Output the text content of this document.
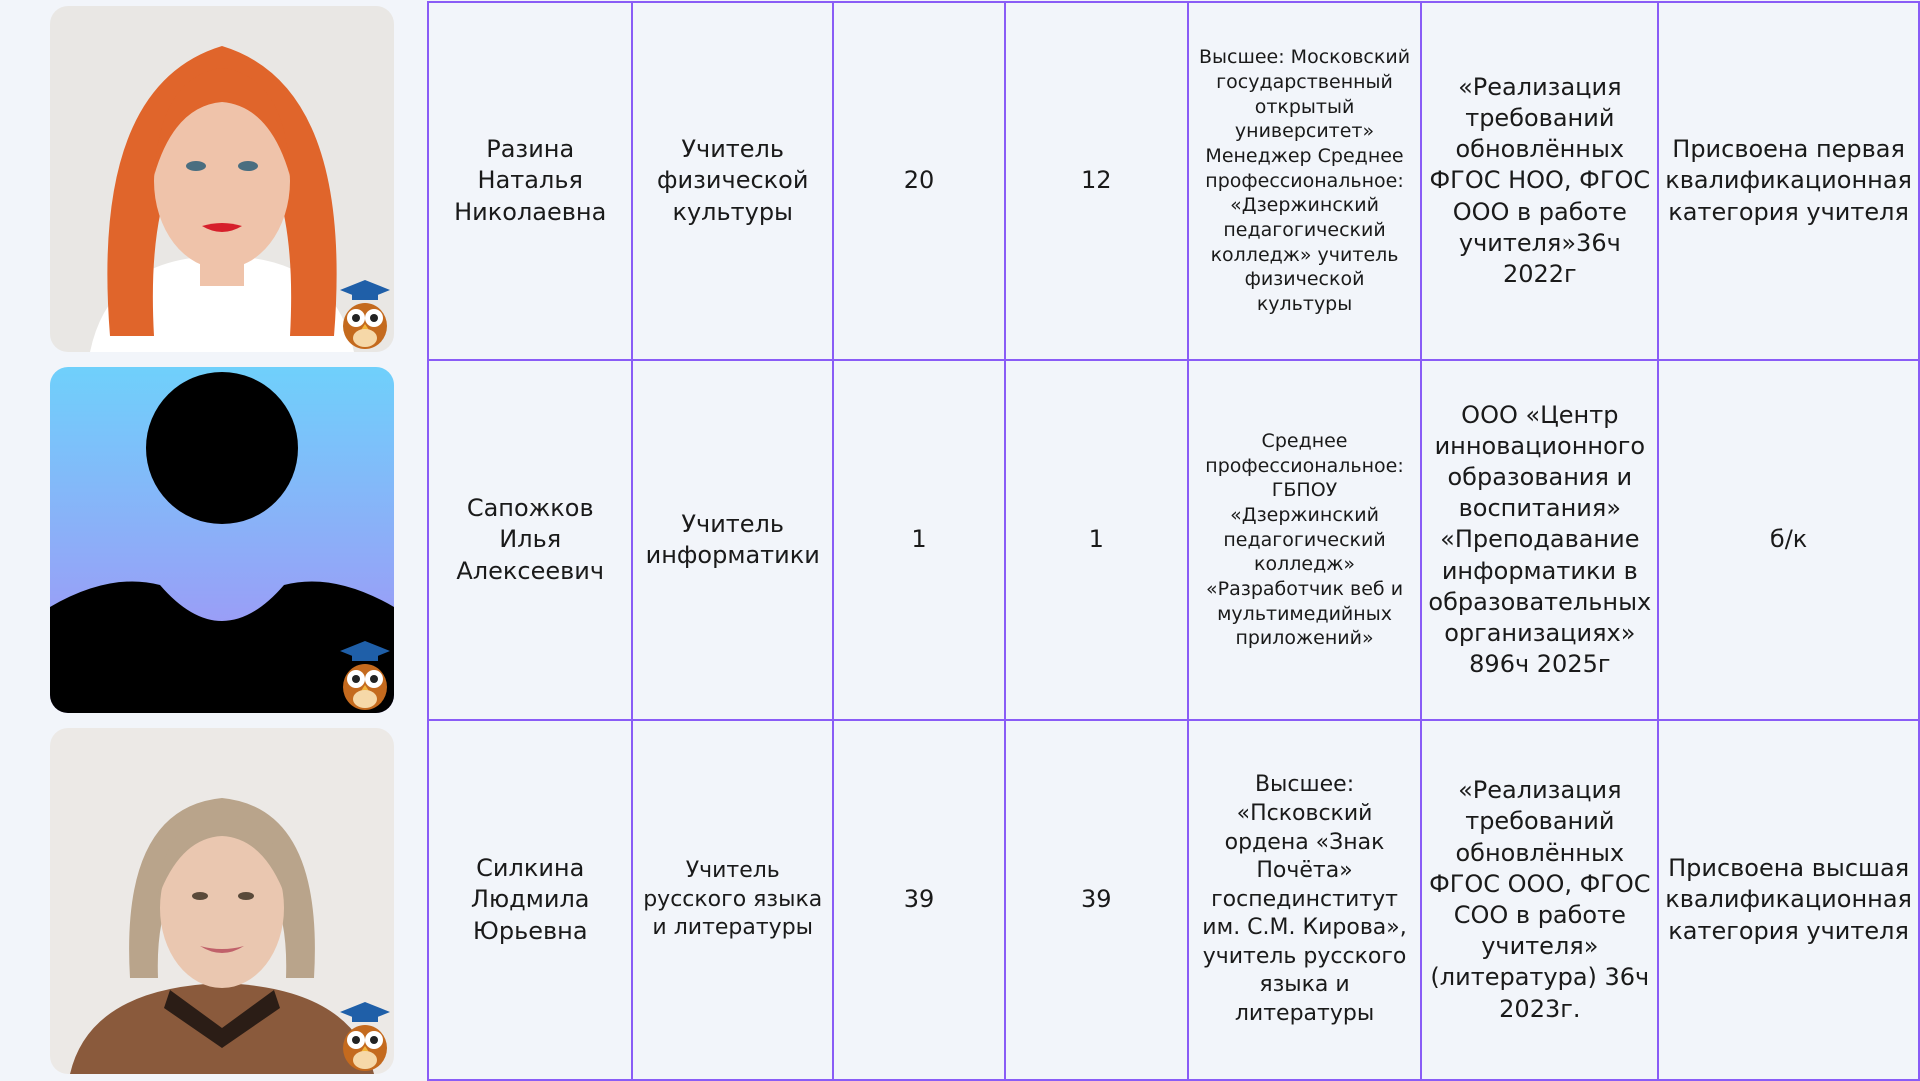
Разина Наталья Николаевна	Учитель физической культуры	20	12	Высшее: Московский государственный открытый университет» Менеджер Среднее профессиональное: «Дзержинский педагогический колледж» учитель физической культуры	«Реализация требований обновлённых ФГОС НОО, ФГОС ООО в работе учителя»36ч 2022г	Присвоена первая квалификационная категория учителя
Сапожков Илья Алексеевич	Учитель информатики	1	1	Среднее профессиональное: ГБПОУ «Дзержинский педагогический колледж» «Разработчик веб и мультимедийных приложений»	ООО «Центр инновационного образования и воспитания» «Преподавание информатики в образовательных организациях» 896ч 2025г	б/к
Силкина Людмила Юрьевна	Учитель русского языка и литературы	39	39	Высшее: «Псковский ордена «Знак Почёта» госпединститут им. С.М. Кирова», учитель русского языка и литературы	«Реализация требований обновлённых ФГОС ООО, ФГОС СОО в работе учителя» (литература) 36ч 2023г.	Присвоена высшая квалификационная категория учителя
